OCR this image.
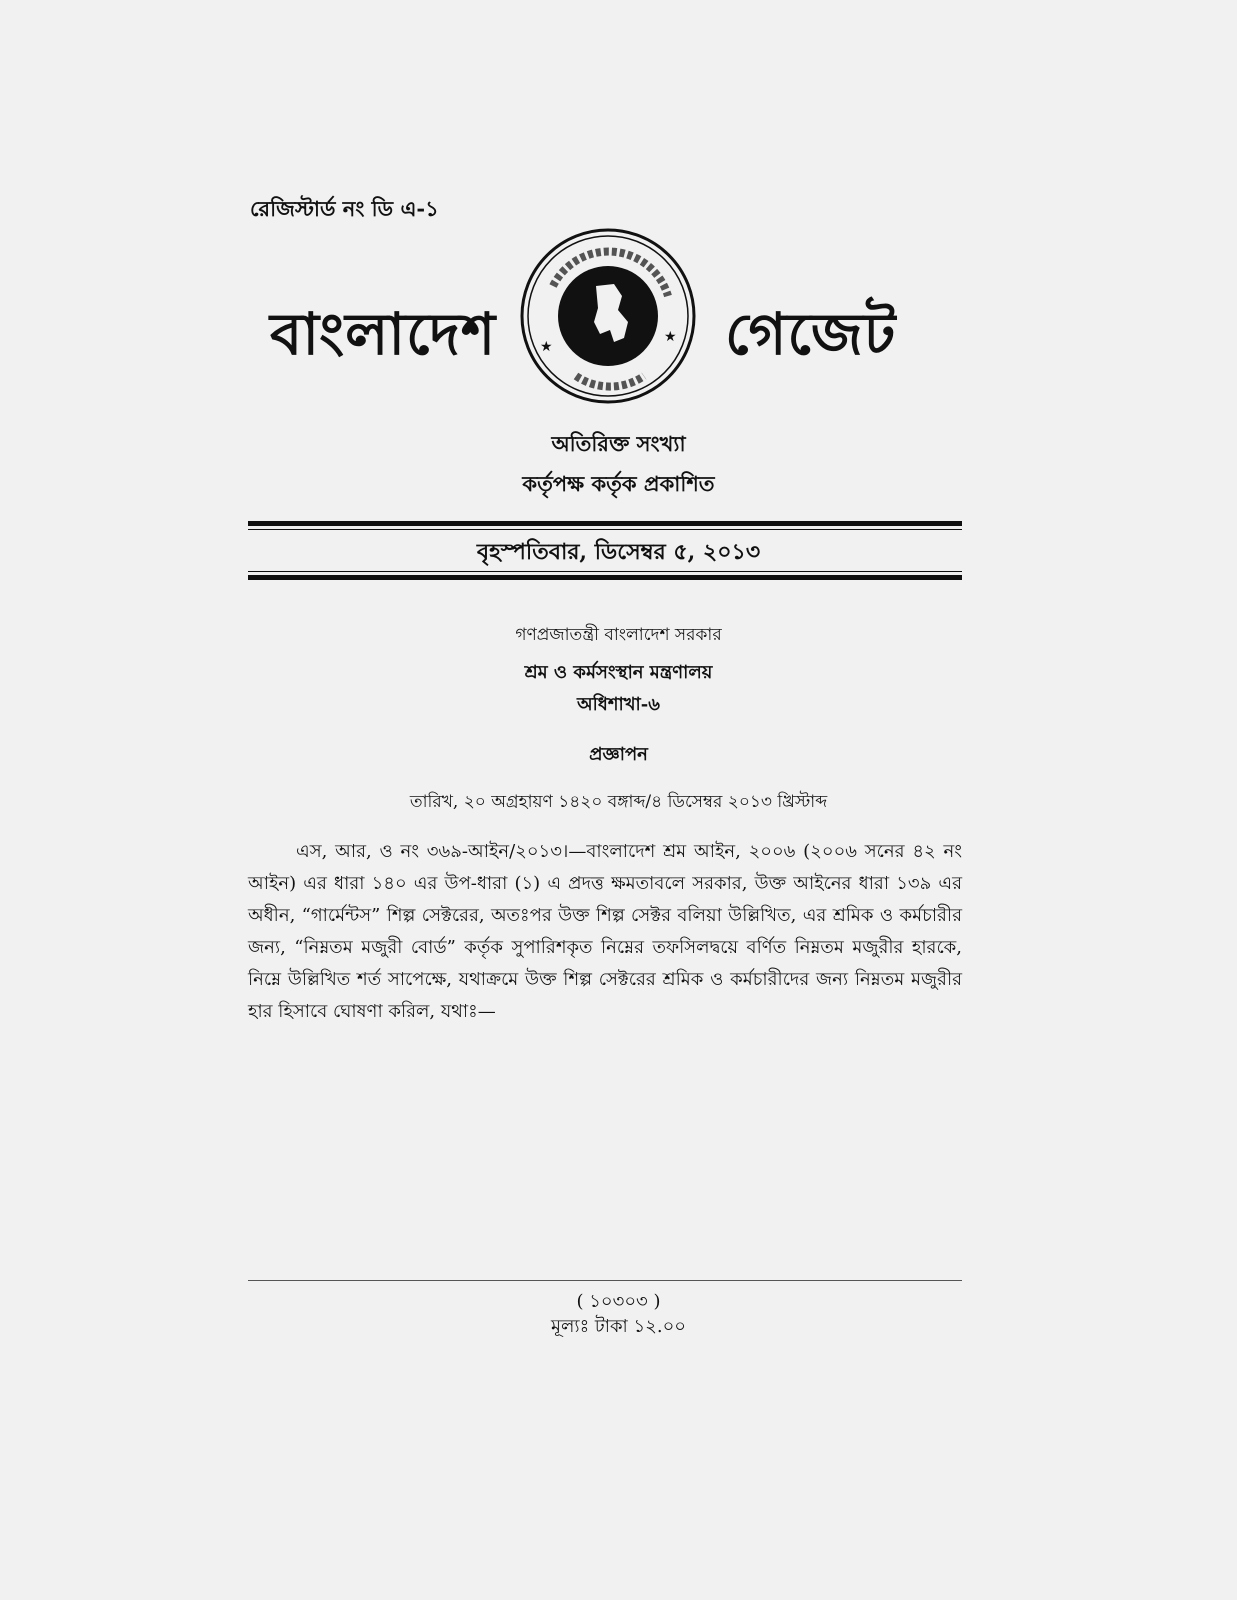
রেজিস্টার্ড নং ডি এ-১
বাংলাদেশ	গেজেট
★
★
অতিরিক্ত সংখ্যা
কর্তৃপক্ষ কর্তৃক প্রকাশিত
বৃহস্পতিবার, ডিসেম্বর ৫, ২০১৩
গণপ্রজাতন্ত্রী বাংলাদেশ সরকার
শ্রম ও কর্মসংস্থান মন্ত্রণালয়
অধিশাখা-৬
প্রজ্ঞাপন
তারিখ, ২০ অগ্রহায়ণ ১৪২০ বঙ্গাব্দ/৪ ডিসেম্বর ২০১৩ খ্রিস্টাব্দ
এস, আর, ও নং ৩৬৯-আইন/২০১৩।—বাংলাদেশ শ্রম আইন, ২০০৬ (২০০৬ সনের ৪২ নং আইন) এর ধারা ১৪০ এর উপ-ধারা (১) এ প্রদত্ত ক্ষমতাবলে সরকার, উক্ত আইনের ধারা ১৩৯ এর অধীন, “গার্মেন্টস” শিল্প সেক্টরের, অতঃপর উক্ত শিল্প সেক্টর বলিয়া উল্লিখিত, এর শ্রমিক ও কর্মচারীর জন্য, “নিম্নতম মজুরী বোর্ড” কর্তৃক সুপারিশকৃত নিম্নের তফসিলদ্বয়ে বর্ণিত নিম্নতম মজুরীর হারকে, নিম্নে উল্লিখিত শর্ত সাপেক্ষে, যথাক্রমে উক্ত শিল্প সেক্টরের শ্রমিক ও কর্মচারীদের জন্য নিম্নতম মজুরীর হার হিসাবে ঘোষণা করিল, যথাঃ—
( ১০৩০৩ )
মূল্যঃ টাকা ১২.০০
